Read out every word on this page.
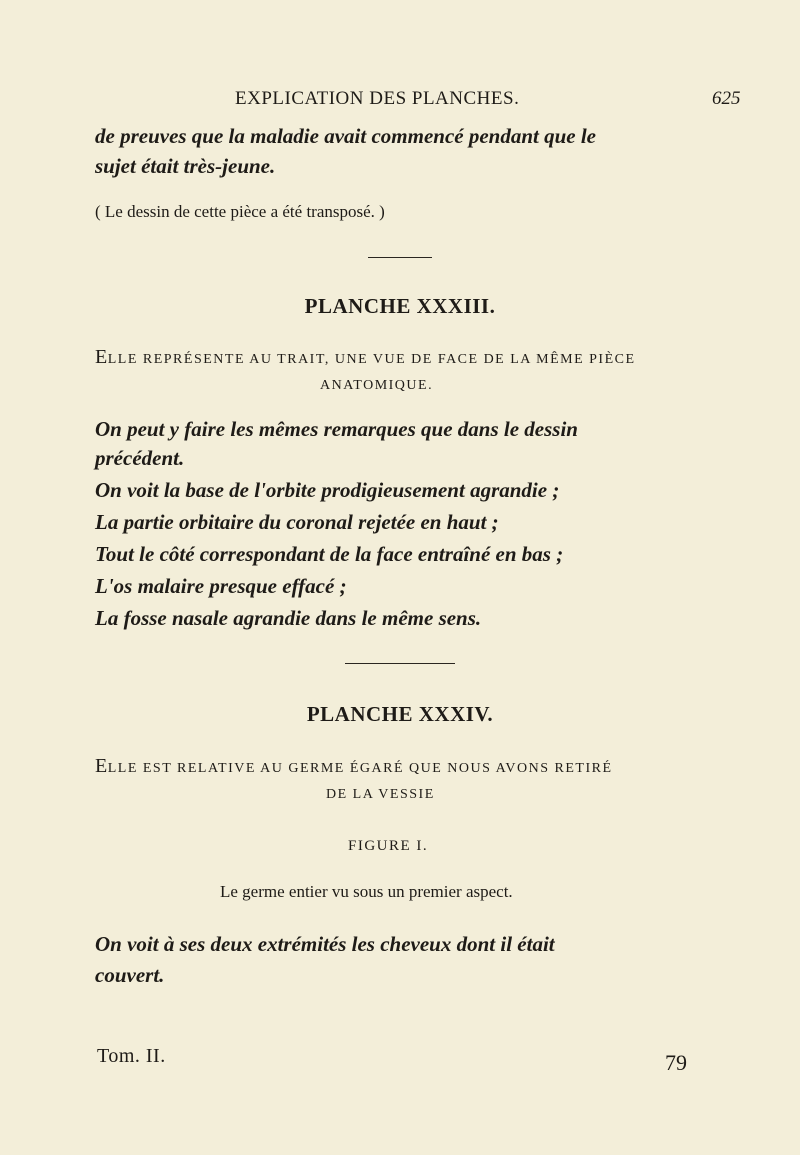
EXPLICATION DES PLANCHES.	625
de preuves que la maladie avait commencé pendant que le
sujet était très-jeune.
( Le dessin de cette pièce a été transposé. )
PLANCHE XXXIII.
ELLE REPRÉSENTE AU TRAIT, UNE VUE DE FACE DE LA MÊME PIÈCE
ANATOMIQUE.
On peut y faire les mêmes remarques que dans le dessin
précédent.
On voit la base de l'orbite prodigieusement agrandie ;
La partie orbitaire du coronal rejetée en haut ;
Tout le côté correspondant de la face entraîné en bas ;
L'os malaire presque effacé ;
La fosse nasale agrandie dans le même sens.
PLANCHE XXXIV.
ELLE EST RELATIVE AU GERME ÉGARÉ QUE NOUS AVONS RETIRÉ
DE LA VESSIE
FIGURE I.
Le germe entier vu sous un premier aspect.
On voit à ses deux extrémités les cheveux dont il était
couvert.
Tom. II.	79
